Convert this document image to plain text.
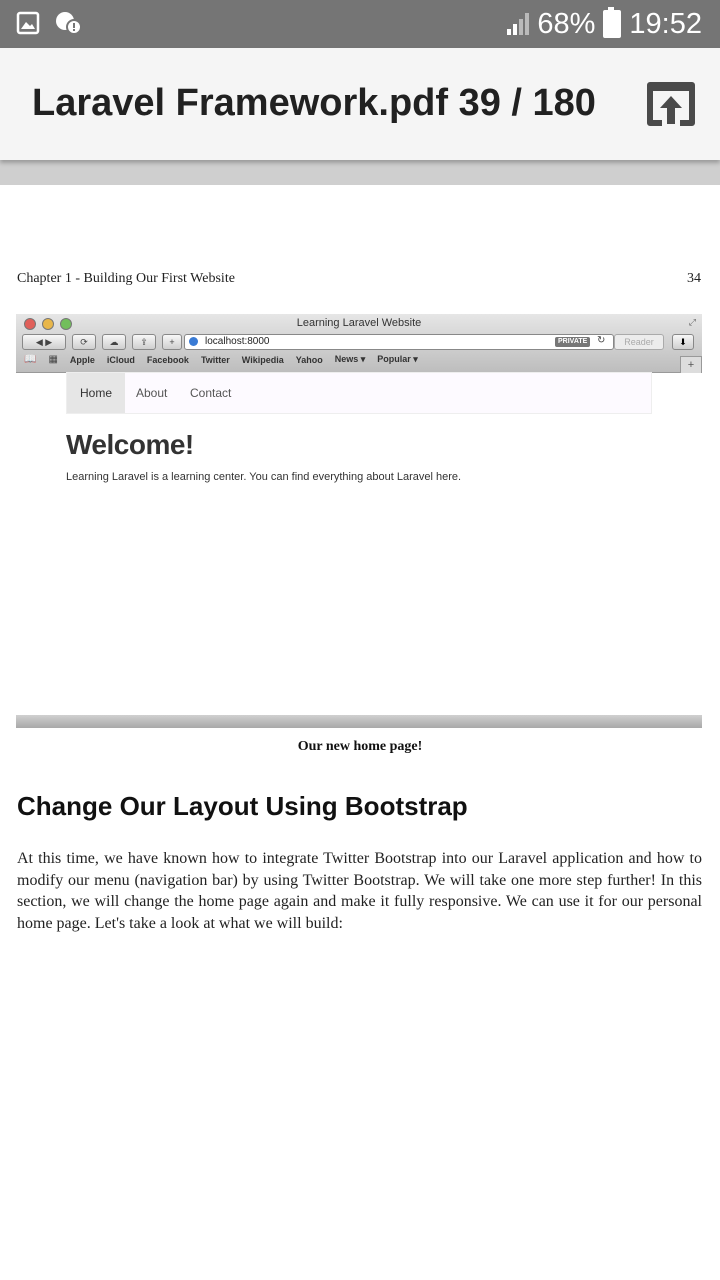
68% 19:52
Laravel Framework.pdf 39 / 180
Chapter 1 - Building Our First Website	34
Learning Laravel Website	⤢
◀ ▶	⟳	☁	⇪	+	localhost:8000	PRIVATE ↻	Reader	⬇
📖 ▦ Apple iCloud Facebook Twitter Wikipedia Yahoo News ▾ Popular ▾	+
Home	About	Contact
Welcome!
Learning Laravel is a learning center. You can find everything about Laravel here.
Our new home page!
Change Our Layout Using Bootstrap
At this time, we have known how to integrate Twitter Bootstrap into our Laravel application and how to modify our menu (navigation bar) by using Twitter Bootstrap. We will take one more step further! In this section, we will change the home page again and make it fully responsive. We can use it for our personal home page. Let's take a look at what we will build:
